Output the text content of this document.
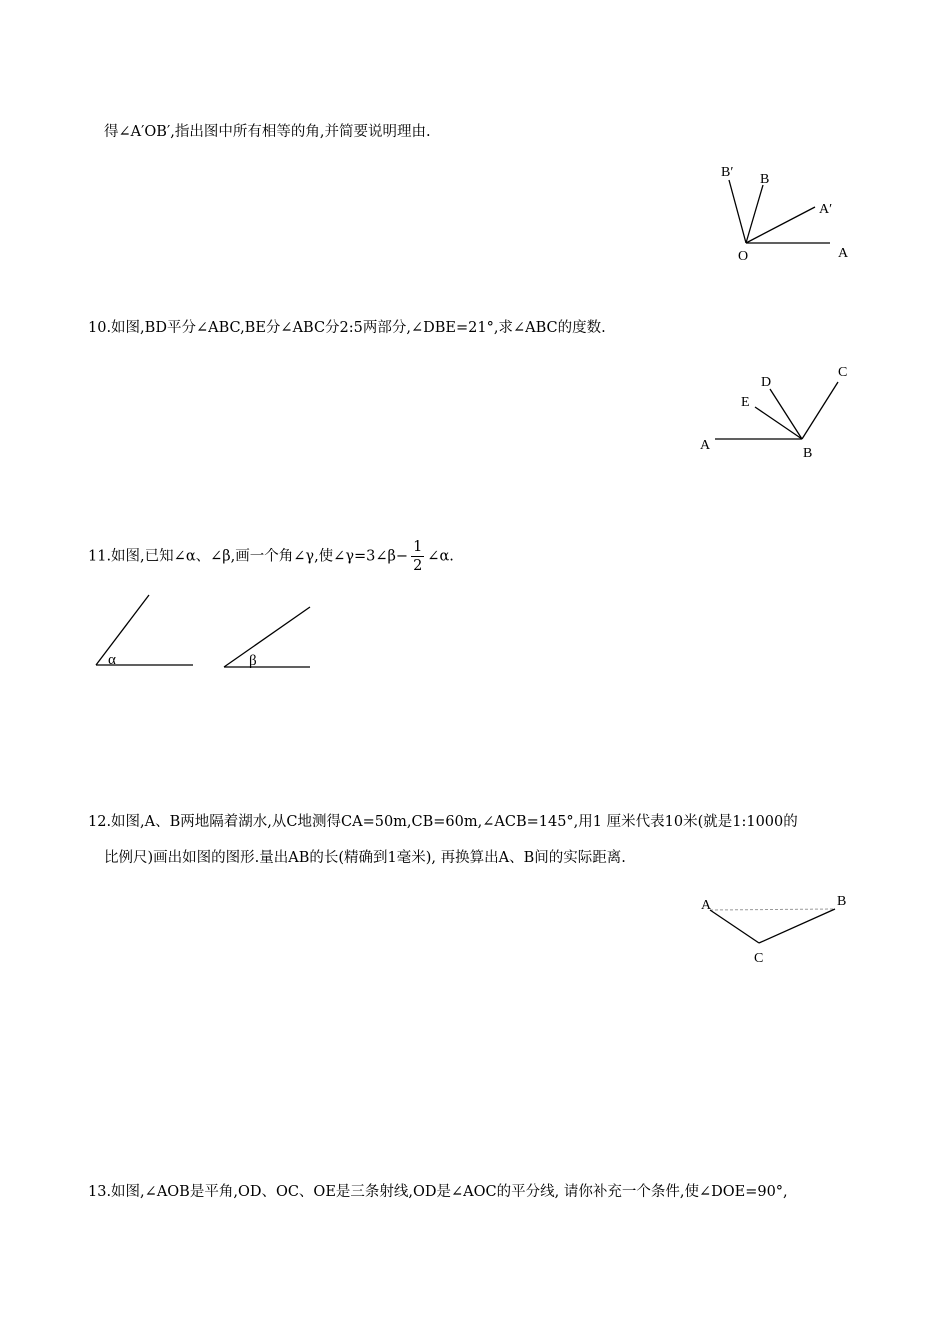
得∠A′OB′,指出图中所有相等的角,并简要说明理由.
B′ B
A′
O	A
10.如图,BD平分∠ABC,BE分∠ABC分2:5两部分,∠DBE=21°,求∠ABC的度数.
D
E
C
A
B
11.如图,已知∠α、∠β,画一个角∠γ,使∠γ=3∠β− $\frac{1}{2}$ ∠α.
α	β
12.如图,A、B两地隔着湖水,从C地测得CA=50m,CB=60m,∠ACB=145°,用1 厘米代表10米(就是1:1000的
比例尺)画出如图的图形.量出AB的长(精确到1毫米), 再换算出A、B间的实际距离.
A	B
C
13.如图,∠AOB是平角,OD、OC、OE是三条射线,OD是∠AOC的平分线, 请你补充一个条件,使∠DOE=90°,
